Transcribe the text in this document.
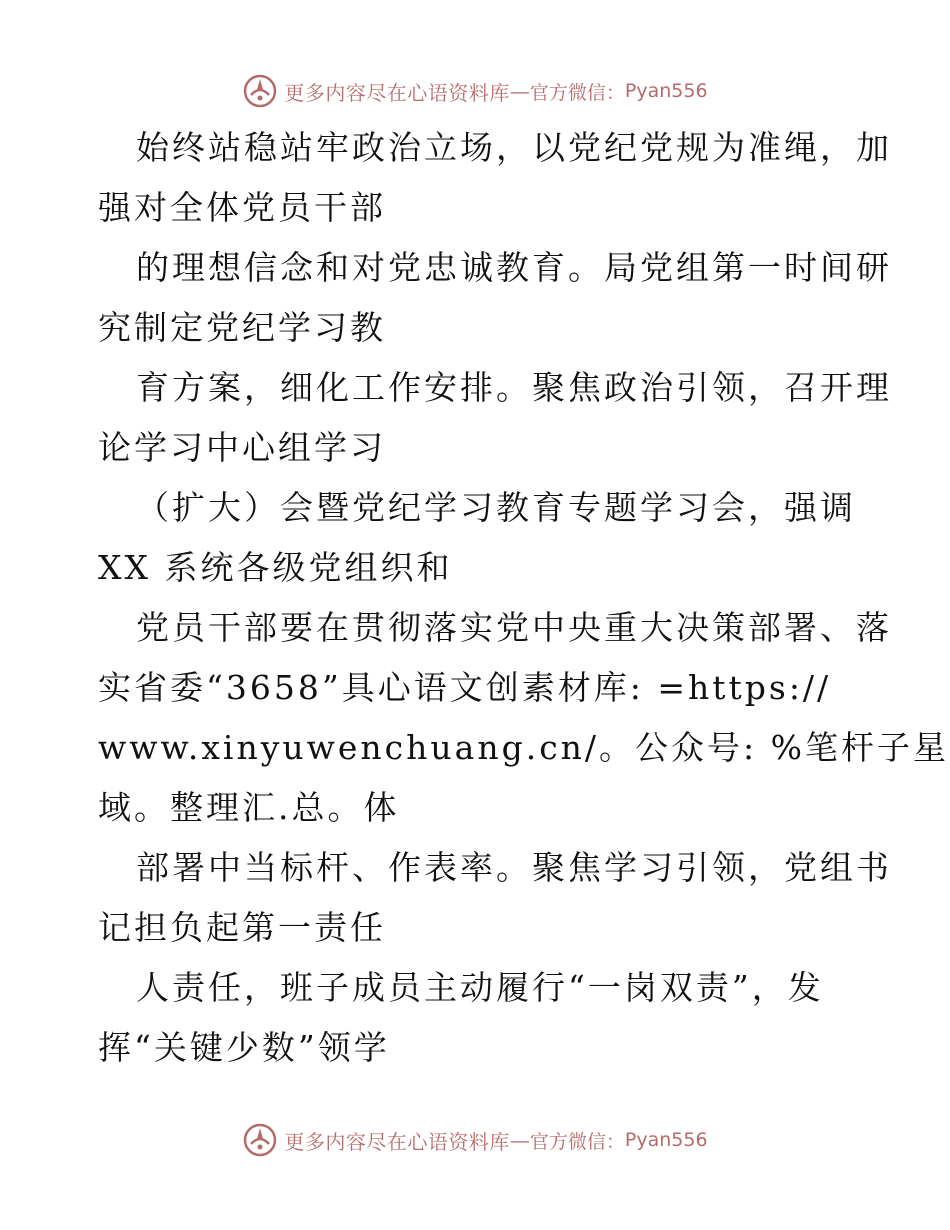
更多内容尽在心语资料库 — 官方微信： Pyan556
始终站稳站牢政治立场，以党纪党规为准绳，加
强对全体党员干部
的理想信念和对党忠诚教育。局党组第一时间研
究制定党纪学习教
育方案，细化工作安排。聚焦政治引领，召开理
论学习中心组学习
（扩大）会暨党纪学习教育专题学习会，强调
XX 系统各级党组织和
党员干部要在贯彻落实党中央重大决策部署、落
实省委“3658”具心语文创素材库: =https://
www.xinyuwenchuang.cn/。公众号: %笔杆子星
域。整理汇.总。体
部署中当标杆、作表率。聚焦学习引领，党组书
记担负起第一责任
人责任，班子成员主动履行“一岗双责”，发
挥“关键少数”领学
更多内容尽在心语资料库 — 官方微信： Pyan556
